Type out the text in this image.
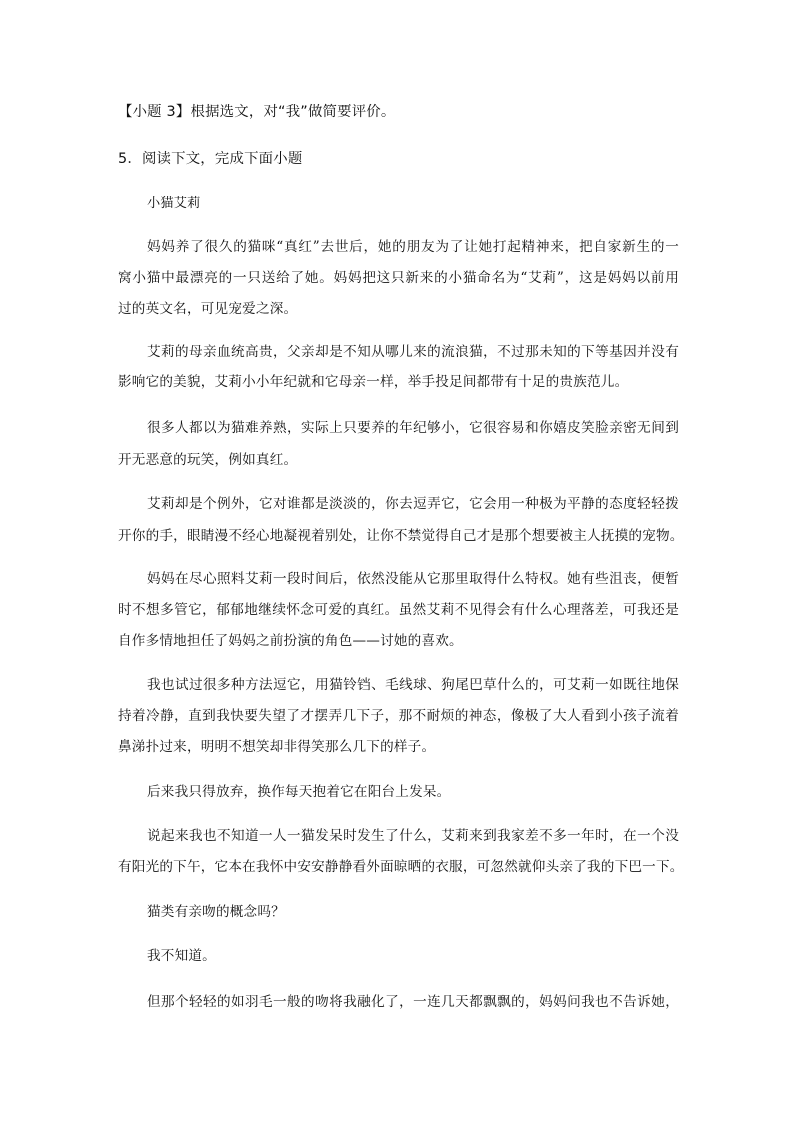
【小题 3】根据选文，对“我”做简要评价。
5．阅读下文，完成下面小题
小猫艾莉
妈妈养了很久的猫咪“真红”去世后，她的朋友为了让她打起精神来，把自家新生的一
窝小猫中最漂亮的一只送给了她。妈妈把这只新来的小猫命名为“艾莉”，这是妈妈以前用
过的英文名，可见宠爱之深。
艾莉的母亲血统高贵，父亲却是不知从哪儿来的流浪猫，不过那未知的下等基因并没有
影响它的美貌，艾莉小小年纪就和它母亲一样，举手投足间都带有十足的贵族范儿。
很多人都以为猫难养熟，实际上只要养的年纪够小，它很容易和你嬉皮笑脸亲密无间到
开无恶意的玩笑，例如真红。
艾莉却是个例外，它对谁都是淡淡的，你去逗弄它，它会用一种极为平静的态度轻轻拨
开你的手，眼睛漫不经心地凝视着别处，让你不禁觉得自己才是那个想要被主人抚摸的宠物。
妈妈在尽心照料艾莉一段时间后，依然没能从它那里取得什么特权。她有些沮丧，便暂
时不想多管它，郁郁地继续怀念可爱的真红。虽然艾莉不见得会有什么心理落差，可我还是
自作多情地担任了妈妈之前扮演的角色——讨她的喜欢。
我也试过很多种方法逗它，用猫铃铛、毛线球、狗尾巴草什么的，可艾莉一如既往地保
持着冷静，直到我快要失望了才摆弄几下子，那不耐烦的神态，像极了大人看到小孩子流着
鼻涕扑过来，明明不想笑却非得笑那么几下的样子。
后来我只得放弃，换作每天抱着它在阳台上发呆。
说起来我也不知道一人一猫发呆时发生了什么，艾莉来到我家差不多一年时，在一个没
有阳光的下午，它本在我怀中安安静静看外面晾晒的衣服，可忽然就仰头亲了我的下巴一下。
猫类有亲吻的概念吗？
我不知道。
但那个轻轻的如羽毛一般的吻将我融化了，一连几天都飘飘的，妈妈问我也不告诉她，
